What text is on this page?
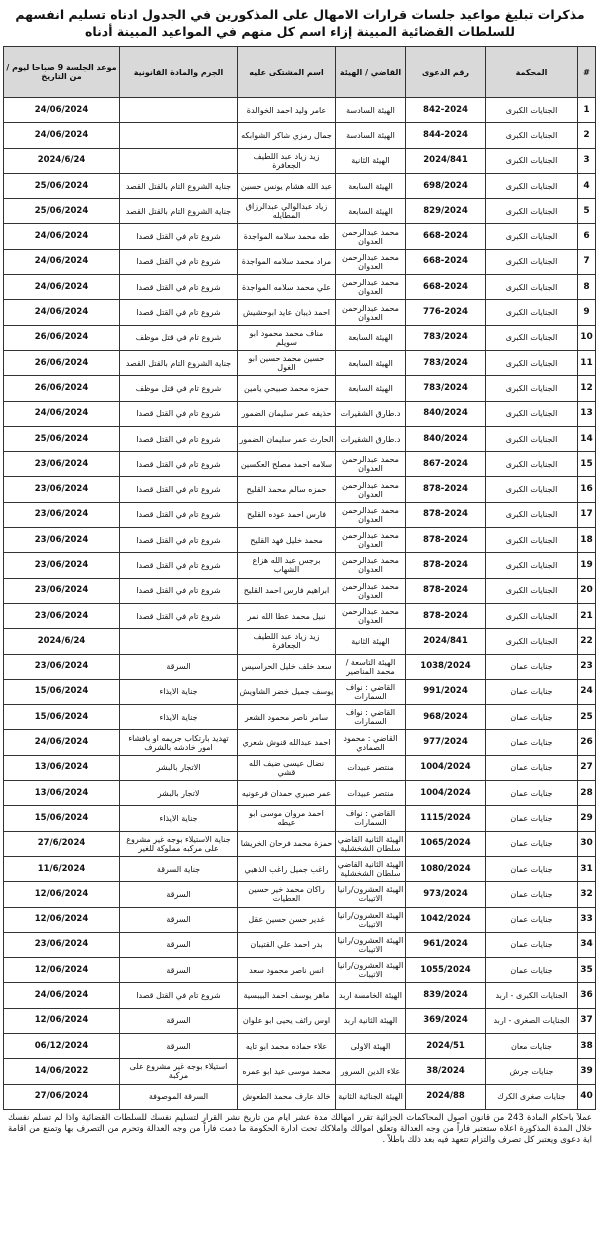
مذكرات تبليغ مواعيد جلسات قرارات الامهال على المذكورين في الجدول ادناه تسليم انفسهم للسلطات القضائية المبينة إزاء اسم كل منهم في المواعيد المبينة أدناه
#	المحكمة	رقم الدعوى	القاضي / الهيئة	اسم المشتكى عليه	الجرم والمادة القانونية	موعد الجلسة 9 صباحا ليوم / من التاريخ
1	الجنايات الكبرى	842-2024	الهيئة السادسة	عامر وليد احمد الخوالدة		24/06/2024
2	الجنايات الكبرى	844-2024	الهيئة السادسة	جمال رمزي شاكر الشوابكه		24/06/2024
3	الجنايات الكبرى	2024/841	الهيئة الثانية	زيد زياد عبد اللطيف الجعافرة		2024/6/24
4	الجنايات الكبرى	698/2024	الهيئة السابعة	عبد الله هشام يونس حسين	جناية الشروع التام بالقتل القصد	25/06/2024
5	الجنايات الكبرى	829/2024	الهيئة السابعة	زياد عبدالوالي عبدالرزاق المطايله	جناية الشروع التام بالقتل القصد	25/06/2024
6	الجنايات الكبرى	668-2024	محمد عبدالرحمن العدوان	طه محمد سلامه المواجدة	شروع تام في القتل قصدا	24/06/2024
7	الجنايات الكبرى	668-2024	محمد عبدالرحمن العدوان	مراد محمد سلامه المواجدة	شروع تام في القتل قصدا	24/06/2024
8	الجنايات الكبرى	668-2024	محمد عبدالرحمن العدوان	علي محمد سلامه المواجدة	شروع تام في القتل قصدا	24/06/2024
9	الجنايات الكبرى	776-2024	محمد عبدالرحمن العدوان	احمد ذيبان عايد ابوحشيش	شروع تام في القتل قصدا	24/06/2024
10	الجنايات الكبرى	783/2024	الهيئة السابعة	مناف محمد محمود ابو سويلم	شروع تام في قتل موظف	26/06/2024
11	الجنايات الكبرى	783/2024	الهيئة السابعة	حسين محمد حسين ابو الغول	جناية الشروع التام بالقتل القصد	26/06/2024
12	الجنايات الكبرى	783/2024	الهيئة السابعة	حمزه محمد صبيحي يامين	شروع تام في قتل موظف	26/06/2024
13	الجنايات الكبرى	840/2024	د.طارق الشقيرات	حذيفه عمر سليمان الضمور	شروع تام في القتل قصدا	24/06/2024
14	الجنايات الكبرى	840/2024	د.طارق الشقيرات	الحارث عمر سليمان الضمور	شروع تام في القتل قصدا	25/06/2024
15	الجنايات الكبرى	867-2024	محمد عبدالرحمن العدوان	سلامه احمد مصلح العكسين	شروع تام في القتل قصدا	23/06/2024
16	الجنايات الكبرى	878-2024	محمد عبدالرحمن العدوان	حمزه سالم محمد القليح	شروع تام في القتل قصدا	23/06/2024
17	الجنايات الكبرى	878-2024	محمد عبدالرحمن العدوان	فارس احمد عوده القليح	شروع تام في القتل قصدا	23/06/2024
18	الجنايات الكبرى	878-2024	محمد عبدالرحمن العدوان	محمد خليل فهد القليح	شروع تام في القتل قصدا	23/06/2024
19	الجنايات الكبرى	878-2024	محمد عبدالرحمن العدوان	برجس عبد الله هزاع الشهاب	شروع تام في القتل قصدا	23/06/2024
20	الجنايات الكبرى	878-2024	محمد عبدالرحمن العدوان	ابراهيم فارس احمد القليح	شروع تام في القتل قصدا	23/06/2024
21	الجنايات الكبرى	878-2024	محمد عبدالرحمن العدوان	نبيل محمد عطا الله نمر	شروع تام في القتل قصدا	23/06/2024
22	الجنايات الكبرى	2024/841	الهيئة الثانية	زيد زياد عبد اللطيف الجعافرة		2024/6/24
23	جنايات عمان	1038/2024	الهيئة التاسعة / محمد المناصير	سعد خلف خليل الحراسيس	السرقة	23/06/2024
24	جنايات عمان	991/2024	القاضي : نواف السمارات	يوسف جميل خضر الشاويش	جناية الايذاء	15/06/2024
25	جنايات عمان	968/2024	القاضي : نواف السمارات	سامر ناصر محمود الشعر	جناية الايذاء	15/06/2024
26	جنايات عمان	977/2024	القاضي : محمود الصمادي	احمد عبدالله قنوش شعري	تهديد بارتكاب جريمه او بافشاء امور خادشه بالشرف	24/06/2024
27	جنايات عمان	1004/2024	منتصر عبيدات	نضال عيسى ضيف الله قشي	الاتجار بالبشر	13/06/2024
28	جنايات عمان	1004/2024	منتصر عبيدات	عمر صبري حمدان فرعونيه	لاتجار بالبشر	13/06/2024
29	جنايات عمان	1115/2024	القاضي : نواف السمارات	احمد مروان موسى ابو عيطه	جناية الايذاء	15/06/2024
30	جنايات عمان	1065/2024	الهيئة الثانية القاضي سلطان الشخشلية	حمزة محمد فرحان الخريشا	جناية الاستيلاء بوجه غير مشروع على مركبه مملوكة للغير	27/6/2024
31	جنايات عمان	1080/2024	الهيئة الثانية القاضي سلطان الشخشلية	راغب جميل راغب الذهبي	جناية السرقة	11/6/2024
32	جنايات عمان	973/2024	الهيئة العشرون/رانيا الاتيبات	راكان محمد خير حسين العطيات	السرقة	12/06/2024
33	جنايات عمان	1042/2024	الهيئة العشرون/رانيا الاتيبات	غدير حسن حسين عقل	السرقة	12/06/2024
34	جنايات عمان	961/2024	الهيئة العشرون/رانيا الاتيبات	بدر احمد علي القتيبان	السرقة	23/06/2024
35	جنايات عمان	1055/2024	الهيئة العشرون/رانيا الاتيبات	انس ناصر محمود سعد	السرقة	12/06/2024
36	الجنايات الكبرى - اربد	839/2024	الهيئة الخامسة اربد	ماهر يوسف احمد البيبسية	شروع تام في القتل قصدا	24/06/2024
37	الجنايات الصغرى - اربد	369/2024	الهيئة الثانية اربد	اوس رائف يحيى ابو علوان	السرقة	12/06/2024
38	جنايات معان	2024/51	الهيئة الاولى	علاء حماده محمد ابو تايه	السرقة	06/12/2024
39	جنايات جرش	38/2024	علاء الدين السرور	محمد موسى عيد ابو عمره	استيلاء بوجه غير مشروع على مركبة	14/06/2022
40	جنايات صغرى الكرك	2024/88	الهيئة الجنائية الثانية	خالد عارف محمد الطعوش	السرقة الموصوفة	27/06/2024
عملاً بأحكام المادة 243 من قانون أصول المحاكمات الجزائية تقرر امهالك مدة عشر ايام من تاريخ نشر القرار لتسليم نفسك للسلطات القضائية واذا لم تسلم نفسك خلال المدة المذكورة اعلاه ستعتبر فاراً من وجه العدالة وتعلق اموالك واملاكك تحت ادارة الحكومة ما دمت فاراً من وجه العدالة وتحرم من التصرف بها وتمنع من اقامة اية دعوى ويعتبر كل تصرف والتزام تتعهد فيه بعد ذلك باطلاً .
